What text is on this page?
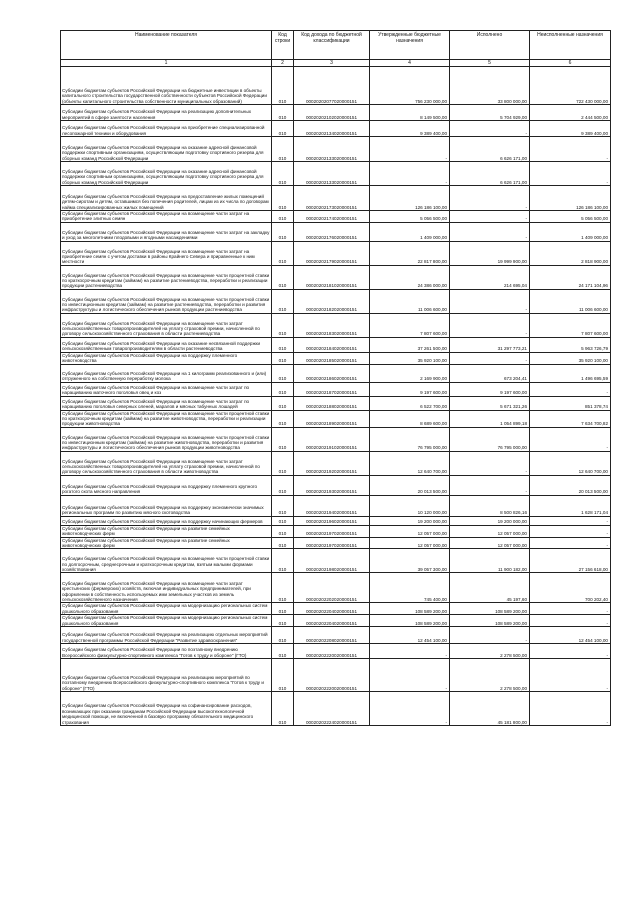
Наименование показателя	Код строки	Код дохода по бюджетной классификации	Утвержденные бюджетные назначения	Исполнено	Неисполненные назначения
1	2	3	4	5	6
Субсидии бюджетам субъектов Российской Федерации на бюджетные инвестиции в объекты капитального строительства государственной собственности субъектов Российской Федерации (объекты капитального строительства собственности муниципальных образований)	010	00020202077020000151	756 230 000,00	33 800 000,00	722 430 000,00
Субсидии бюджетам субъектов Российской Федерации на реализацию дополнительных мероприятий в сфере занятости населения	010	00020202102020000151	8 149 500,00	5 704 929,00	2 444 500,00
Субсидии бюджетам субъектов Российской Федерации на приобретение специализированной лесопожарной техники и оборудования	010	00020202134020000151	9 389 400,00	-	9 389 400,00
Субсидии бюджетам субъектов Российской Федерации на оказание адресной финансовой поддержки спортивным организациям, осуществляющим подготовку спортивного резерва для сборных команд Российской Федерации	010	00020202133020000151	-	6 626 171,00	-
Субсидии бюджетам субъектов Российской Федерации на оказание адресной финансовой поддержки спортивным организациям, осуществляющим подготовку спортивного резерва для сборных команд Российской Федерации	010	00020202133020000151	-	6 626 171,00	-
Субсидии бюджетам субъектов Российской Федерации на предоставление жилых помещений детям-сиротам и детям, оставшимся без попечения родителей, лицам из их числа по договорам найма специализированных жилых помещений	010	00020202173020000151	126 186 100,00	-	126 186 100,00
Субсидии бюджетам субъектов Российской Федерации на возмещение части затрат на приобретение элитных семян	010	00020202174020000151	5 056 500,00	-	5 056 500,00
Субсидии бюджетам субъектов Российской Федерации на возмещение части затрат на закладку и уход за многолетними плодовыми и ягодными насаждениями	010	00020202176020000151	1 409 000,00	-	1 409 000,00
Субсидии бюджетам субъектов Российской Федерации на возмещение части затрат на приобретение семян с учетом доставки в районы Крайнего Севера и приравненные к ним местности	010	00020202179020000151	22 817 800,00	19 999 900,00	2 818 900,00
Субсидии бюджетам субъектов Российской Федерации на возмещение части процентной ставки по краткосрочным кредитам (займам) на развитие растениеводства, переработки и реализации продукции растениеводства	010	00020202181020000151	24 386 000,00	214 695,04	24 171 104,96
Субсидии бюджетам субъектов Российской Федерации на возмещение части процентной ставки по инвестиционным кредитам (займам) на развитие растениеводства, переработки и развития инфраструктуры и логистического обеспечения рынков продукции растениеводства	010	00020202182020000151	11 006 600,00	-	11 006 600,00
Субсидии бюджетам субъектов Российской Федерации на возмещение части затрат сельскохозяйственных товаропроизводителей на уплату страховой премии, начисленной по договору сельскохозяйственного страхования в области растениеводства	010	00020202183020000151	7 807 600,00	-	7 807 600,00
Субсидии бюджетам субъектов Российской Федерации на оказание несвязанной поддержки сельскохозяйственным товаропроизводителям в области растениеводства	010	00020202184020000151	37 261 500,00	31 297 773,21	5 963 726,79
Субсидии бюджетам субъектов Российской Федерации на поддержку племенного животноводства	010	00020202185020000151	35 920 100,00	-	35 920 100,00
Субсидии бюджетам субъектов Российской Федерации на 1 килограмм реализованного и (или) отгруженного на собственную переработку молока	010	00020202186020000151	2 169 900,00	673 204,41	1 496 695,59
Субсидии бюджетам субъектов Российской Федерации на возмещение части затрат по наращиванию маточного поголовья овец и коз	010	00020202187020000151	9 197 600,00	9 197 600,00	-
Субсидии бюджетам субъектов Российской Федерации на возмещение части затрат по наращиванию поголовья северных оленей, маралов и мясных табунных лошадей	010	00020202188020000151	6 522 700,00	5 671 321,26	851 378,74
Субсидии бюджетам субъектов Российской Федерации на возмещение части процентной ставки по краткосрочным кредитам (займам) на развитие животноводства, переработки и реализации продукции животноводства	010	00020202189020000151	8 689 600,00	1 054 899,18	7 634 700,82
Субсидии бюджетам субъектов Российской Федерации на возмещение части процентной ставки по инвестиционным кредитам (займам) на развитие животноводства, переработки и развития инфраструктуры и логистического обеспечения рынков продукции животноводства	010	00020202191020000151	76 795 000,00	76 795 000,00	-
Субсидии бюджетам субъектов Российской Федерации на возмещение части затрат сельскохозяйственных товаропроизводителей на уплату страховой премии, начисленной по договору сельскохозяйственного страхования в области животноводства	010	00020202192020000151	12 640 700,00	-	12 640 700,00
Субсидии бюджетам субъектов Российской Федерации на поддержку племенного крупного рогатого скота мясного направления	010	00020202193020000151	20 013 500,00	-	20 013 500,00
Субсидии бюджетам субъектов Российской Федерации на поддержку экономически значимых региональных программ по развитию мясного скотоводства	010	00020202194020000151	10 120 000,00	8 500 826,16	1 628 171,04
Субсидии бюджетам субъектов Российской Федерации на поддержку начинающих фермеров	010	00020202196020000151	19 200 000,00	19 200 000,00	-
Субсидии бюджетам субъектов Российской Федерации на развитие семейных животноводческих ферм	010	00020202197020000151	12 057 000,00	12 057 000,00	-
Субсидии бюджетам субъектов Российской Федерации на развитие семейных животноводческих ферм	010	00020202197020000151	12 057 000,00	12 057 000,00	-
Субсидии бюджетам субъектов Российской Федерации на возмещение части процентной ставки по долгосрочным, среднесрочным и краткосрочным кредитам, взятым малыми формами хозяйствования	010	00020202198020000151	39 057 300,00	11 900 182,00	27 156 618,00
Субсидии бюджетам субъектов Российской Федерации на возмещение части затрат крестьянских (фермерских) хозяйств, включая индивидуальных предпринимателей, при оформлении в собственность используемых ими земельных участков из земель сельскохозяйственного назначения	010	00020202202020000151	745 400,00	45 197,60	700 202,40
Субсидии бюджетам субъектов Российской Федерации на модернизацию региональных систем дошкольного образования	010	00020202204020000151	108 589 200,00	108 589 200,00	-
Субсидии бюджетам субъектов Российской Федерации на модернизацию региональных систем дошкольного образования	010	00020202204020000151	108 589 200,00	108 589 200,00	-
Субсидии бюджетам субъектов Российской Федерации на реализацию отдельных мероприятий государственной программы Российской Федерации "Развитие здравоохранения"	010	00020202208020000151	12 454 100,00	-	12 454 100,00
Субсидии бюджетам субъектов Российской Федерации по поэтапному внедрению Всероссийского физкультурно-спортивного комплекса "Готов к труду и обороне" (ГТО)	010	00020202220020000151	-	2 278 500,00	-
Субсидии бюджетам субъектов Российской Федерации на реализацию мероприятий по поэтапному внедрению Всероссийского физкультурно-спортивного комплекса "Готов к труду и обороне" (ГТО)	010	00020202220020000151	-	2 278 500,00	-
Субсидии бюджетам субъектов Российской Федерации на софинансирование расходов, возникающих при оказании гражданам Российской Федерации высокотехнологичной медицинской помощи, не включенной в базовую программу обязательного медицинского страхования	010	00020202224020000151	-	45 181 800,00	-
